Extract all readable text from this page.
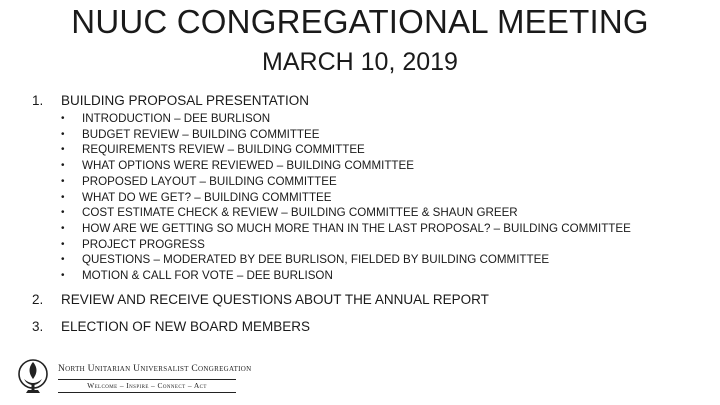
NUUC CONGREGATIONAL MEETING
MARCH 10, 2019
1.	BUILDING PROPOSAL PRESENTATION
•	INTRODUCTION – DEE BURLISON
•	BUDGET REVIEW – BUILDING COMMITTEE
•	REQUIREMENTS REVIEW – BUILDING COMMITTEE
•	WHAT OPTIONS WERE REVIEWED – BUILDING COMMITTEE
•	PROPOSED LAYOUT – BUILDING COMMITTEE
•	WHAT DO WE GET? – BUILDING COMMITTEE
•	COST ESTIMATE CHECK & REVIEW – BUILDING COMMITTEE & SHAUN GREER
•	HOW ARE WE GETTING SO MUCH MORE THAN IN THE LAST PROPOSAL? – BUILDING COMMITTEE
•	PROJECT PROGRESS
•	QUESTIONS – MODERATED BY DEE BURLISON, FIELDED BY BUILDING COMMITTEE
•	MOTION & CALL FOR VOTE – DEE BURLISON
2.	REVIEW AND RECEIVE QUESTIONS ABOUT THE ANNUAL REPORT
3.	ELECTION OF NEW BOARD MEMBERS
North Unitarian Universalist Congregation
Welcome – Inspire – Connect – Act
